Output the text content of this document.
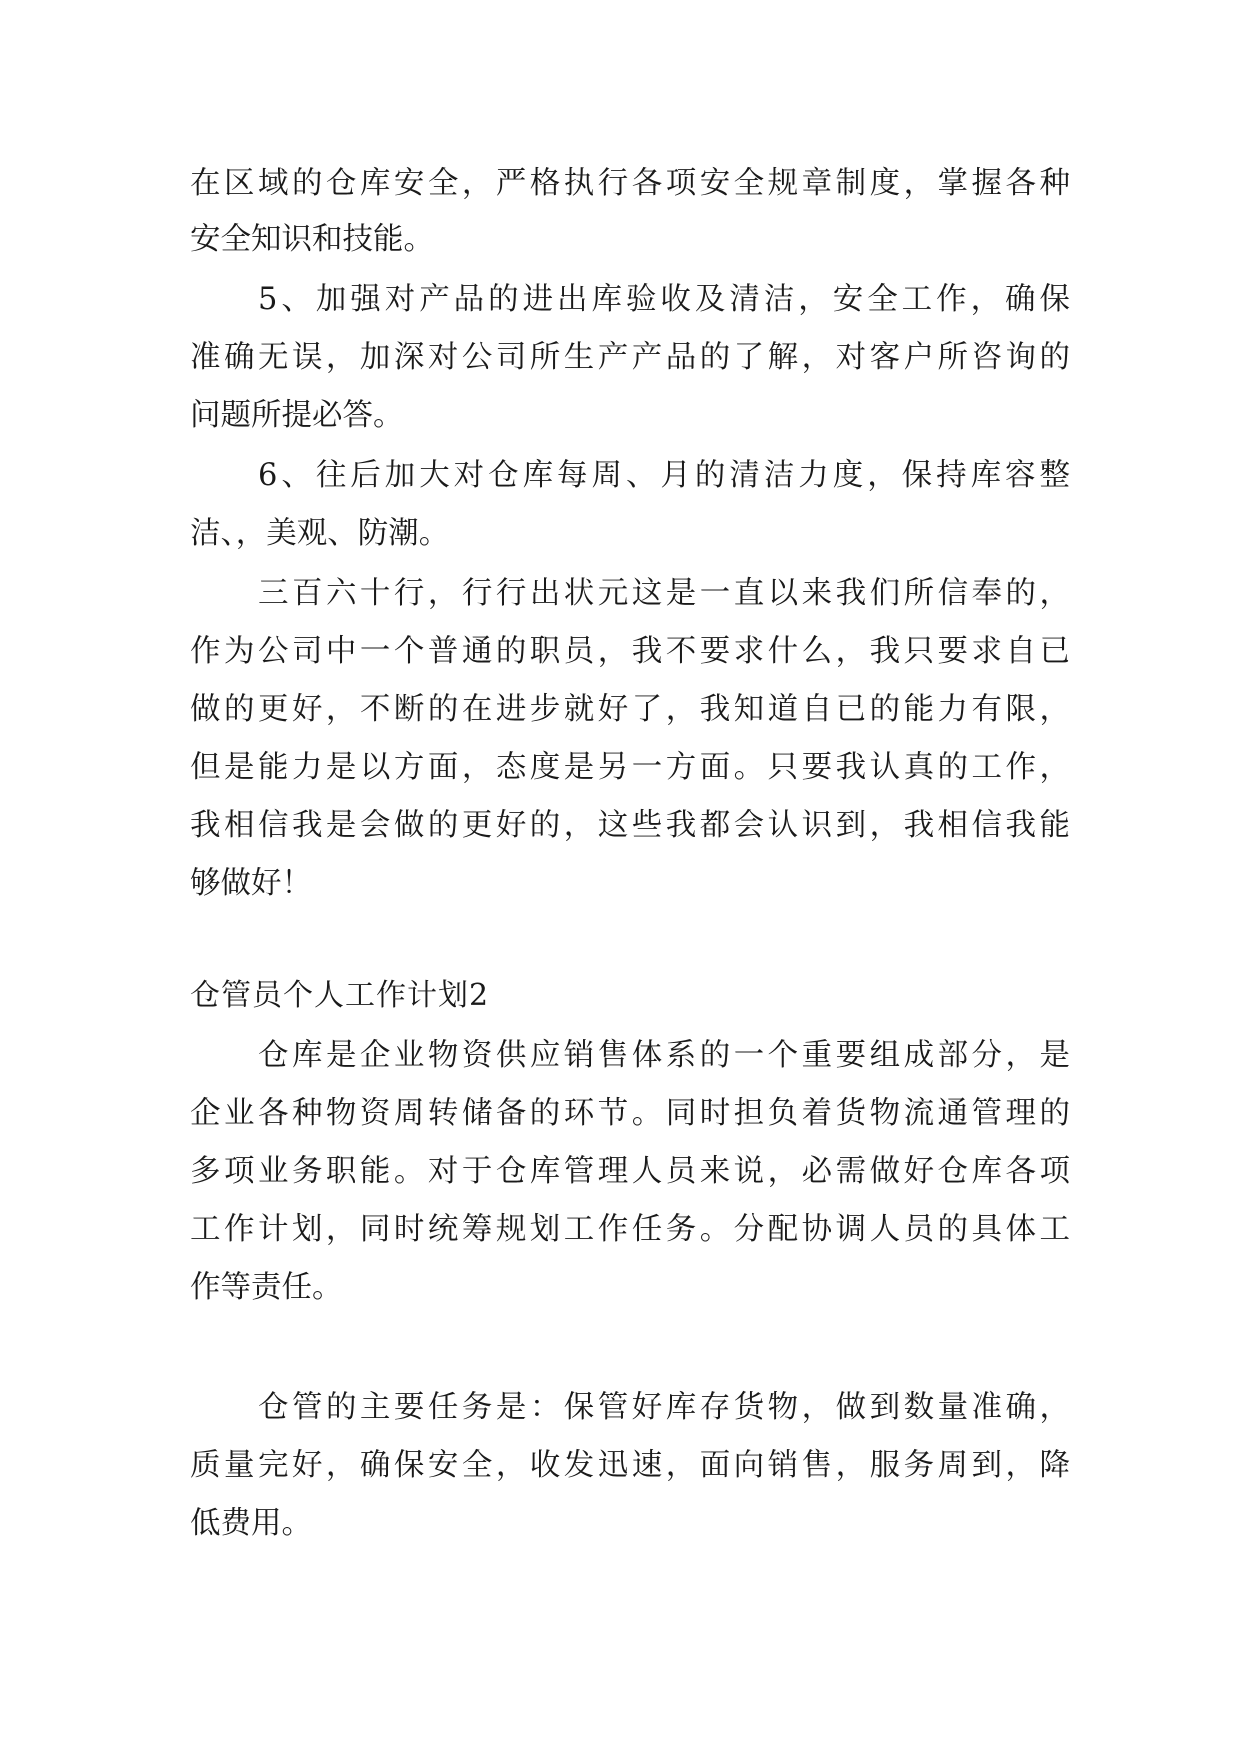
在区域的仓库安全，严格执行各项安全规章制度，掌握各种
安全知识和技能。
5、加强对产品的进出库验收及清洁，安全工作，确保
准确无误，加深对公司所生产产品的了解，对客户所咨询的
问题所提必答。
6、往后加大对仓库每周、月的清洁力度，保持库容整
洁、，美观、防潮。
三百六十行，行行出状元这是一直以来我们所信奉的，
作为公司中一个普通的职员，我不要求什么，我只要求自已
做的更好，不断的在进步就好了，我知道自已的能力有限，
但是能力是以方面，态度是另一方面。只要我认真的工作，
我相信我是会做的更好的，这些我都会认识到，我相信我能
够做好！
仓管员个人工作计划2
仓库是企业物资供应销售体系的一个重要组成部分，是
企业各种物资周转储备的环节。同时担负着货物流通管理的
多项业务职能。对于仓库管理人员来说，必需做好仓库各项
工作计划，同时统筹规划工作任务。分配协调人员的具体工
作等责任。
仓管的主要任务是：保管好库存货物，做到数量准确，
质量完好，确保安全，收发迅速，面向销售，服务周到，降
低费用。
